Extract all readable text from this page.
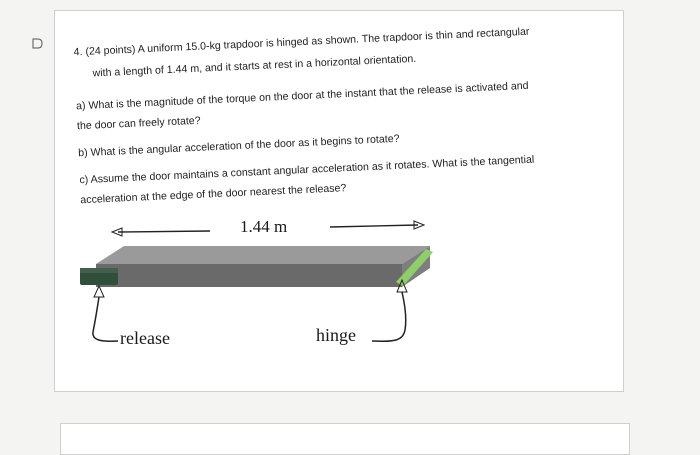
4. (24 points) A uniform 15.0-kg trapdoor is hinged as shown. The trapdoor is thin and rectangular
with a length of 1.44 m, and it starts at rest in a horizontal orientation.
a) What is the magnitude of the torque on the door at the instant that the release is activated and
the door can freely rotate?
b) What is the angular acceleration of the door as it begins to rotate?
c) Assume the door maintains a constant angular acceleration as it rotates. What is the tangential
acceleration at the edge of the door nearest the release?
1.44 m
release	hinge
